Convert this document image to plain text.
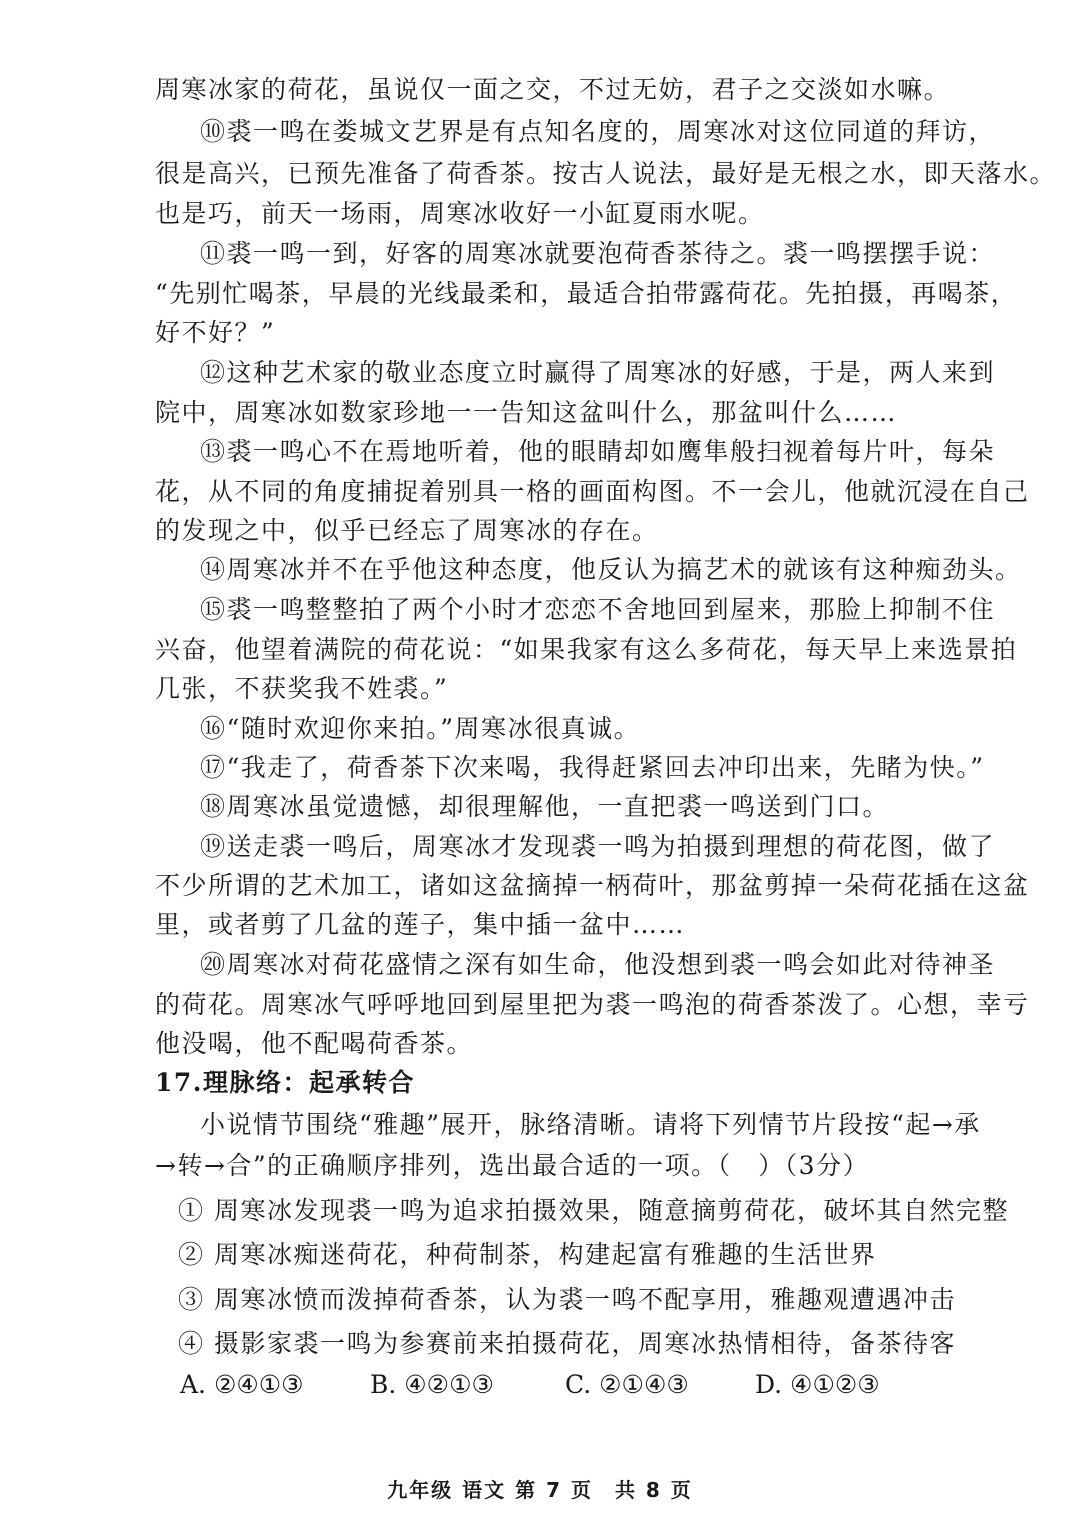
周寒冰家的荷花，虽说仅一面之交，不过无妨，君子之交淡如水嘛。
⑩裘一鸣在娄城文艺界是有点知名度的，周寒冰对这位同道的拜访，
很是高兴，已预先准备了荷香茶。按古人说法，最好是无根之水，即天落水。
也是巧，前天一场雨，周寒冰收好一小缸夏雨水呢。
⑪裘一鸣一到，好客的周寒冰就要泡荷香茶待之。裘一鸣摆摆手说：
“先别忙喝茶，早晨的光线最柔和，最适合拍带露荷花。先拍摄，再喝茶，
好不好？”
⑫这种艺术家的敬业态度立时赢得了周寒冰的好感，于是，两人来到
院中，周寒冰如数家珍地一一告知这盆叫什么，那盆叫什么……
⑬裘一鸣心不在焉地听着，他的眼睛却如鹰隼般扫视着每片叶，每朵
花，从不同的角度捕捉着别具一格的画面构图。不一会儿，他就沉浸在自己
的发现之中，似乎已经忘了周寒冰的存在。
⑭周寒冰并不在乎他这种态度，他反认为搞艺术的就该有这种痴劲头。
⑮裘一鸣整整拍了两个小时才恋恋不舍地回到屋来，那脸上抑制不住
兴奋，他望着满院的荷花说：“如果我家有这么多荷花，每天早上来选景拍
几张，不获奖我不姓裘。”
⑯“随时欢迎你来拍。”周寒冰很真诚。
⑰“我走了，荷香茶下次来喝，我得赶紧回去冲印出来，先睹为快。”
⑱周寒冰虽觉遗憾，却很理解他，一直把裘一鸣送到门口。
⑲送走裘一鸣后，周寒冰才发现裘一鸣为拍摄到理想的荷花图，做了
不少所谓的艺术加工，诸如这盆摘掉一柄荷叶，那盆剪掉一朵荷花插在这盆
里，或者剪了几盆的莲子，集中插一盆中……
⑳周寒冰对荷花盛情之深有如生命，他没想到裘一鸣会如此对待神圣
的荷花。周寒冰气呼呼地回到屋里把为裘一鸣泡的荷香茶泼了。心想，幸亏
他没喝，他不配喝荷香茶。
17.理脉络：起承转合
小说情节围绕“雅趣”展开，脉络清晰。请将下列情节片段按“起→承
→转→合”的正确顺序排列，选出最合适的一项。（　）（3分）
① 周寒冰发现裘一鸣为追求拍摄效果，随意摘剪荷花，破坏其自然完整
② 周寒冰痴迷荷花，种荷制茶，构建起富有雅趣的生活世界
③ 周寒冰愤而泼掉荷香茶，认为裘一鸣不配享用，雅趣观遭遇冲击
④ 摄影家裘一鸣为参赛前来拍摄荷花，周寒冰热情相待，备茶待客
A. ②④①③	B. ④②①③	C. ②①④③	D. ④①②③
九年级 语文 第 7 页　共 8 页
